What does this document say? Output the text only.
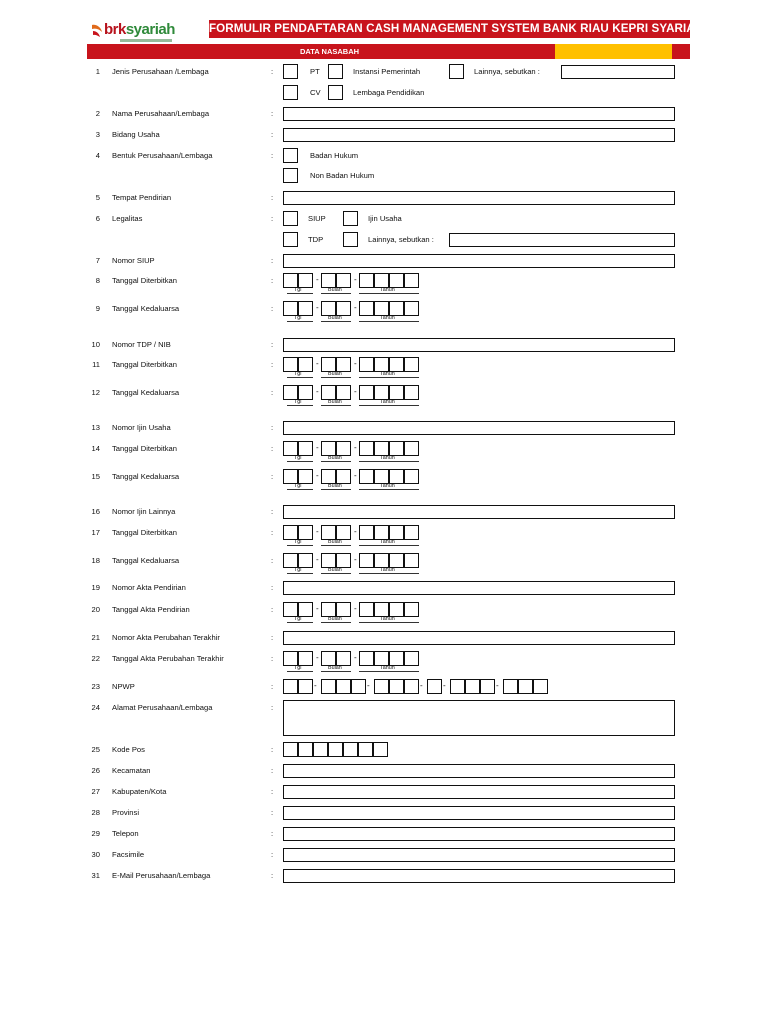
brksyariah	FORMULIR PENDAFTARAN CASH MANAGEMENT SYSTEM BANK RIAU KEPRI SYARIAH
DATA NASABAH
1 Jenis Perusahaan /Lembaga	:	PT	Instansi Pemerintah	Lainnya, sebutkan :
CV	Lembaga Pendidikan
2 Nama Perusahaan/Lembaga	:
3 Bidang Usaha	:
4 Bentuk Perusahaan/Lembaga	:	Badan Hukum
Non Badan Hukum
5 Tempat Pendirian	:
6 Legalitas	:	SIUP	Ijin Usaha
TDP	Lainnya, sebutkan :
7 Nomor SIUP	:
8 Tanggal Diterbitkan	:	-	-
Tgl	Bulan	Tahun
9 Tanggal Kedaluarsa	:	-	-
Tgl	Bulan	Tahun
10 Nomor TDP / NIB	:
11 Tanggal Diterbitkan	:	-	-
Tgl	Bulan	Tahun
12 Tanggal Kedaluarsa	:	-	-
Tgl	Bulan	Tahun
13 Nomor Ijin Usaha	:
14 Tanggal Diterbitkan	:	-	-
Tgl	Bulan	Tahun
15 Tanggal Kedaluarsa	:	-	-
Tgl	Bulan	Tahun
16 Nomor Ijin Lainnya	:
17 Tanggal Diterbitkan	:	-	-
Tgl	Bulan	Tahun
18 Tanggal Kedaluarsa	:	-	-
Tgl	Bulan	Tahun
19 Nomor Akta Pendirian	:
20 Tanggal Akta Pendirian	:	-	-
Tgl	Bulan	Tahun
21 Nomor Akta Perubahan Terakhir	:
22 Tanggal Akta Perubahan Terakhir	:	-	-
Tgl	Bulan	Tahun
23 NPWP	:	-	-	-	-	-
24 Alamat Perusahaan/Lembaga	:
25 Kode Pos	:
26 Kecamatan	:
27 Kabupaten/Kota	:
28 Provinsi	:
29 Telepon	:
30 Facsimile	:
31 E-Mail Perusahaan/Lembaga	:
